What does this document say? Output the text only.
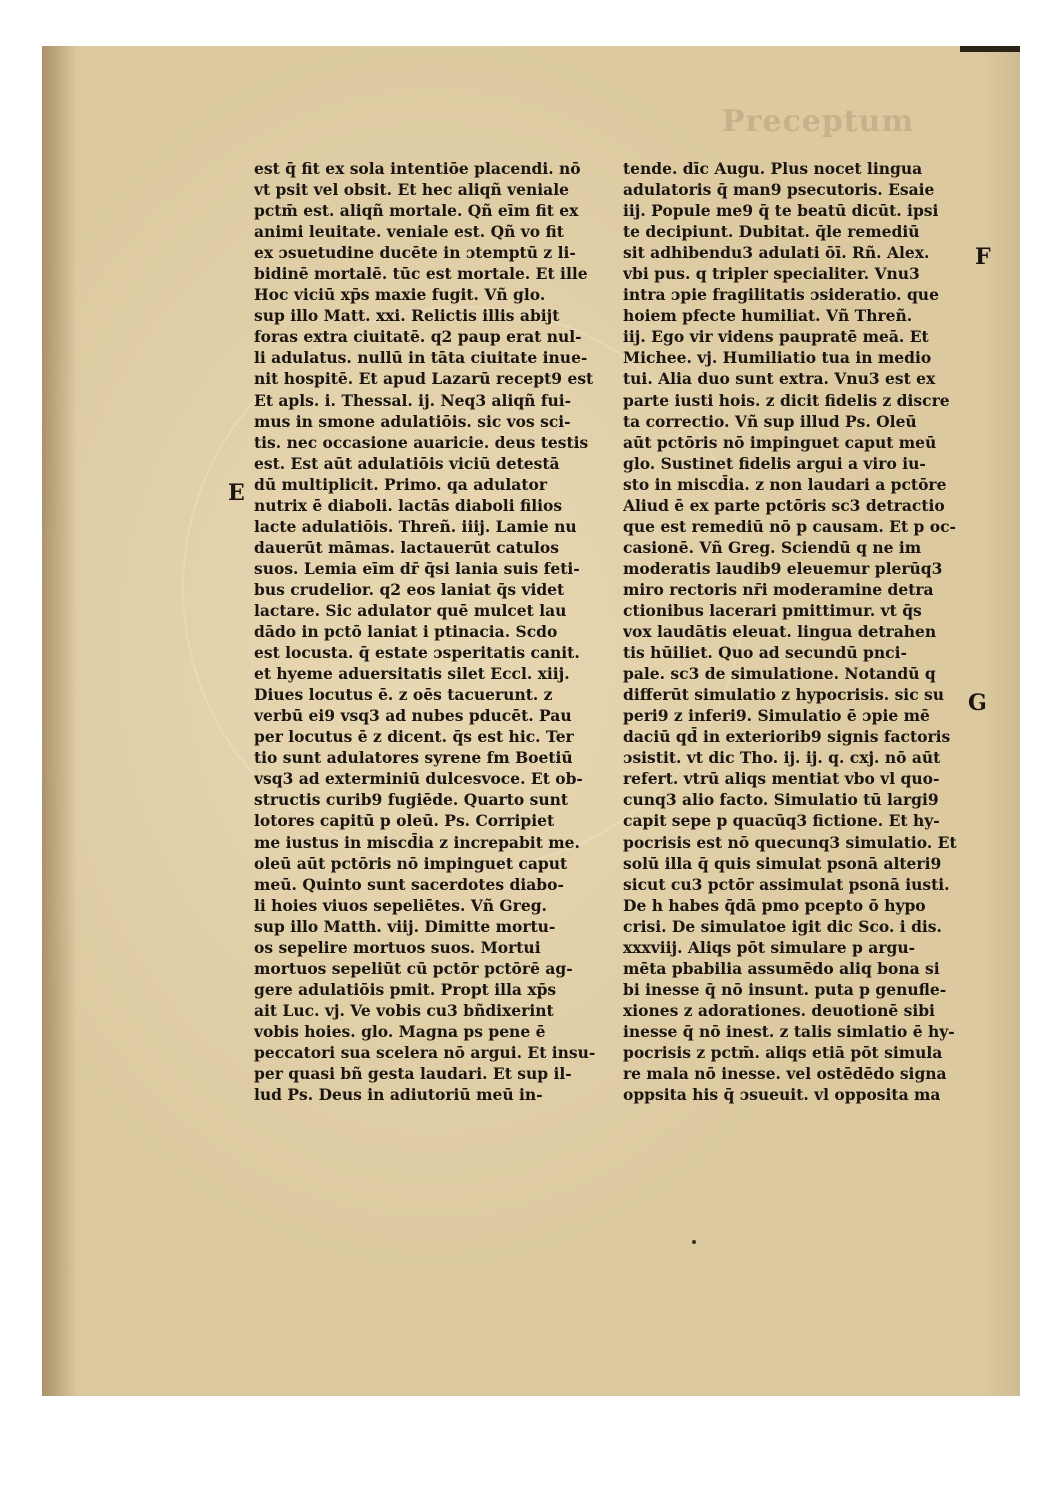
Preceptum
est q̄ fit ex sola intentiōe placendi. nō
vt psit vel obsit. Et hec aliqñ veniale
pctm̄ est. aliqñ mortale. Qñ eīm fit ex
animi leuitate. veniale est. Qñ vo fit
ex ɔsuetudine ducēte in ɔtemptū z li-
bidinē mortalē. tūc est mortale. Et ille
Hoc viciū xp̄s maxie fugit. Vñ glo.
sup illo Matt. xxi. Relictis illis abijt
foras extra ciuitatē. q2 paup erat nul-
li adulatus. nullū in tāta ciuitate inue-
nit hospitē. Et apud Lazarū recept9 est
Et apls. i. Thessal. ij. Neq3 aliqñ fui-
mus in smone adulatiōis. sic vos sci-
tis. nec occasione auaricie. deus testis
est. Est aūt adulatiōis viciū detestā
dū multiplicit. Primo. qa adulator
nutrix ē diaboli. lactās diaboli filios
lacte adulatiōis. Threñ. iiij. Lamie nu
dauerūt māmas. lactauerūt catulos
suos. Lemia eīm dr̄ q̄si lania suis feti-
bus crudelior. q2 eos laniat q̄s videt
lactare. Sic adulator quē mulcet lau
dādo in pctō laniat i ptinacia. Scdo
est locusta. q̄ estate ɔsperitatis canit.
et hyeme aduersitatis silet Eccl. xiij.
Diues locutus ē. z oēs tacuerunt. z
verbū ei9 vsq3 ad nubes pducēt. Pau
per locutus ē z dicent. q̄s est hic. Ter
tio sunt adulatores syrene fm Boetiū
vsq3 ad exterminiū dulcesvoce. Et ob-
structis curib9 fugiēde. Quarto sunt
lotores capitū p oleū. Ps. Corripiet
me iustus in miscd̄ia z increpabit me.
oleū aūt pctōris nō impinguet caput
meū. Quinto sunt sacerdotes diabo-
li hoies viuos sepeliētes. Vñ Greg.
sup illo Matth. viij. Dimitte mortu-
os sepelire mortuos suos. Mortui
mortuos sepeliūt cū pctōr pctōrē ag-
gere adulatiōis pmit. Propt illa xp̄s
ait Luc. vj. Ve vobis cu3 bñdixerint
vobis hoies. glo. Magna ps pene ē
peccatori sua scelera nō argui. Et insu-
per quasi bñ gesta laudari. Et sup il-
lud Ps. Deus in adiutoriū meū in-
tende. dīc Augu. Plus nocet lingua
adulatoris q̄ man9 psecutoris. Esaie
iij. Popule me9 q̄ te beatū dicūt. ipsi
te decipiunt. Dubitat. q̄le remediū
sit adhibendu3 adulati ōī. Rñ. Alex.
vbi pus. q tripler specialiter. Vnu3
intra ɔpie fragilitatis ɔsideratio. que
hoiem pfecte humiliat. Vñ Threñ.
iij. Ego vir videns paupratē meā. Et
Michee. vj. Humiliatio tua in medio
tui. Alia duo sunt extra. Vnu3 est ex
parte iusti hois. z dicit fidelis z discre
ta correctio. Vñ sup illud Ps. Oleū
aūt pctōris nō impinguet caput meū
glo. Sustinet fidelis argui a viro iu-
sto in miscd̄ia. z non laudari a pctōre
Aliud ē ex parte pctōris sc3 detractio
que est remediū nō p causam. Et p oc-
casionē. Vñ Greg. Sciendū q ne im
moderatis laudib9 eleuemur plerūq3
miro rectoris nr̄i moderamine detra
ctionibus lacerari pmittimur. vt q̄s
vox laudātis eleuat. lingua detrahen
tis hūiliet. Quo ad secundū pnci-
pale. sc3 de simulatione. Notandū q
differūt simulatio z hypocrisis. sic su
peri9 z inferi9. Simulatio ē ɔpie mē
daciū qd̄ in exteriorib9 signis factoris
ɔsistit. vt dic Tho. ij. ij. q. cxj. nō aūt
refert. vtrū aliqs mentiat vbo vl quo-
cunq3 alio facto. Simulatio tū largi9
capit sepe p quacūq3 fictione. Et hy-
pocrisis est nō quecunq3 simulatio. Et
solū illa q̄ quis simulat psonā alteri9
sicut cu3 pctōr assimulat psonā iusti.
De h habes q̄dā pmo pcepto ō hypo
crisi. De simulatoe igit dic Sco. i dis.
xxxviij. Aliqs pōt simulare p argu-
mēta pbabilia assumēdo aliq bona si
bi inesse q̄ nō insunt. puta p genufle-
xiones z adorationes. deuotionē sibi
inesse q̄ nō inest. z talis simlatio ē hy-
pocrisis z pctm̄. aliqs etiā pōt simula
re mala nō inesse. vel ostēdēdo signa
oppsita his q̄ ɔsueuit. vl opposita ma
E
F
G
